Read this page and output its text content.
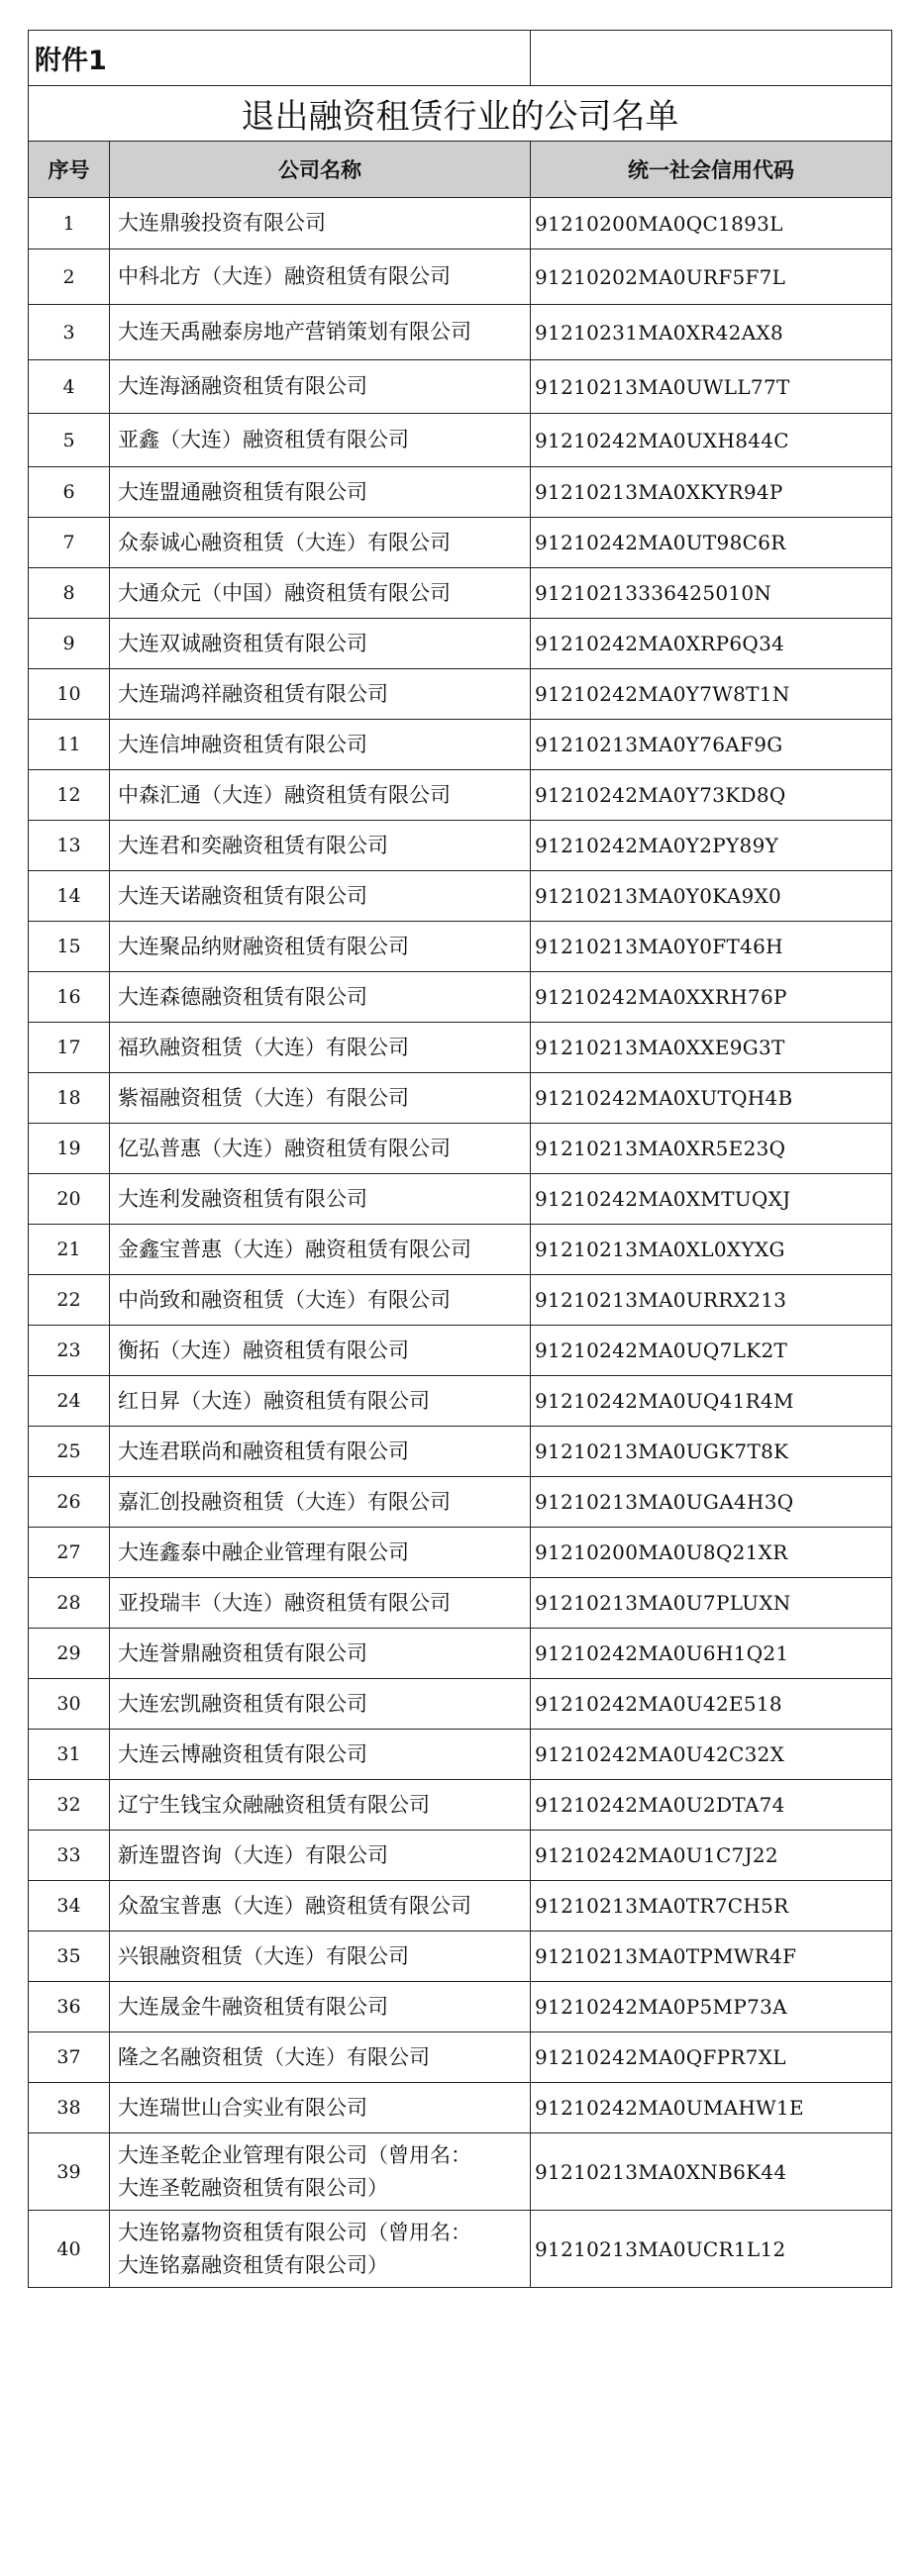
附件1		
退出融资租赁行业的公司名单		
序号	公司名称	统一社会信用代码
1	大连鼎骏投资有限公司	91210200MA0QC1893L
2	中科北方（大连）融资租赁有限公司	91210202MA0URF5F7L
3	大连天禹融泰房地产营销策划有限公司	91210231MA0XR42AX8
4	大连海涵融资租赁有限公司	91210213MA0UWLL77T
5	亚鑫（大连）融资租赁有限公司	91210242MA0UXH844C
6	大连盟通融资租赁有限公司	91210213MA0XKYR94P
7	众泰诚心融资租赁（大连）有限公司	91210242MA0UT98C6R
8	大通众元（中国）融资租赁有限公司	91210213336425010N
9	大连双诚融资租赁有限公司	91210242MA0XRP6Q34
10	大连瑞鸿祥融资租赁有限公司	91210242MA0Y7W8T1N
11	大连信坤融资租赁有限公司	91210213MA0Y76AF9G
12	中森汇通（大连）融资租赁有限公司	91210242MA0Y73KD8Q
13	大连君和奕融资租赁有限公司	91210242MA0Y2PY89Y
14	大连天诺融资租赁有限公司	91210213MA0Y0KA9X0
15	大连聚品纳财融资租赁有限公司	91210213MA0Y0FT46H
16	大连森德融资租赁有限公司	91210242MA0XXRH76P
17	福玖融资租赁（大连）有限公司	91210213MA0XXE9G3T
18	紫福融资租赁（大连）有限公司	91210242MA0XUTQH4B
19	亿弘普惠（大连）融资租赁有限公司	91210213MA0XR5E23Q
20	大连利发融资租赁有限公司	91210242MA0XMTUQXJ
21	金鑫宝普惠（大连）融资租赁有限公司	91210213MA0XL0XYXG
22	中尚致和融资租赁（大连）有限公司	91210213MA0URRX213
23	衡拓（大连）融资租赁有限公司	91210242MA0UQ7LK2T
24	红日昇（大连）融资租赁有限公司	91210242MA0UQ41R4M
25	大连君联尚和融资租赁有限公司	91210213MA0UGK7T8K
26	嘉汇创投融资租赁（大连）有限公司	91210213MA0UGA4H3Q
27	大连鑫泰中融企业管理有限公司	91210200MA0U8Q21XR
28	亚投瑞丰（大连）融资租赁有限公司	91210213MA0U7PLUXN
29	大连誉鼎融资租赁有限公司	91210242MA0U6H1Q21
30	大连宏凯融资租赁有限公司	91210242MA0U42E518
31	大连云博融资租赁有限公司	91210242MA0U42C32X
32	辽宁生钱宝众融融资租赁有限公司	91210242MA0U2DTA74
33	新连盟咨询（大连）有限公司	91210242MA0U1C7J22
34	众盈宝普惠（大连）融资租赁有限公司	91210213MA0TR7CH5R
35	兴银融资租赁（大连）有限公司	91210213MA0TPMWR4F
36	大连晟金牛融资租赁有限公司	91210242MA0P5MP73A
37	隆之名融资租赁（大连）有限公司	91210242MA0QFPR7XL
38	大连瑞世山合实业有限公司	91210242MA0UMAHW1E
39	大连圣乾企业管理有限公司（曾用名：
大连圣乾融资租赁有限公司）	91210213MA0XNB6K44
40	大连铭嘉物资租赁有限公司（曾用名：
大连铭嘉融资租赁有限公司）	91210213MA0UCR1L12
